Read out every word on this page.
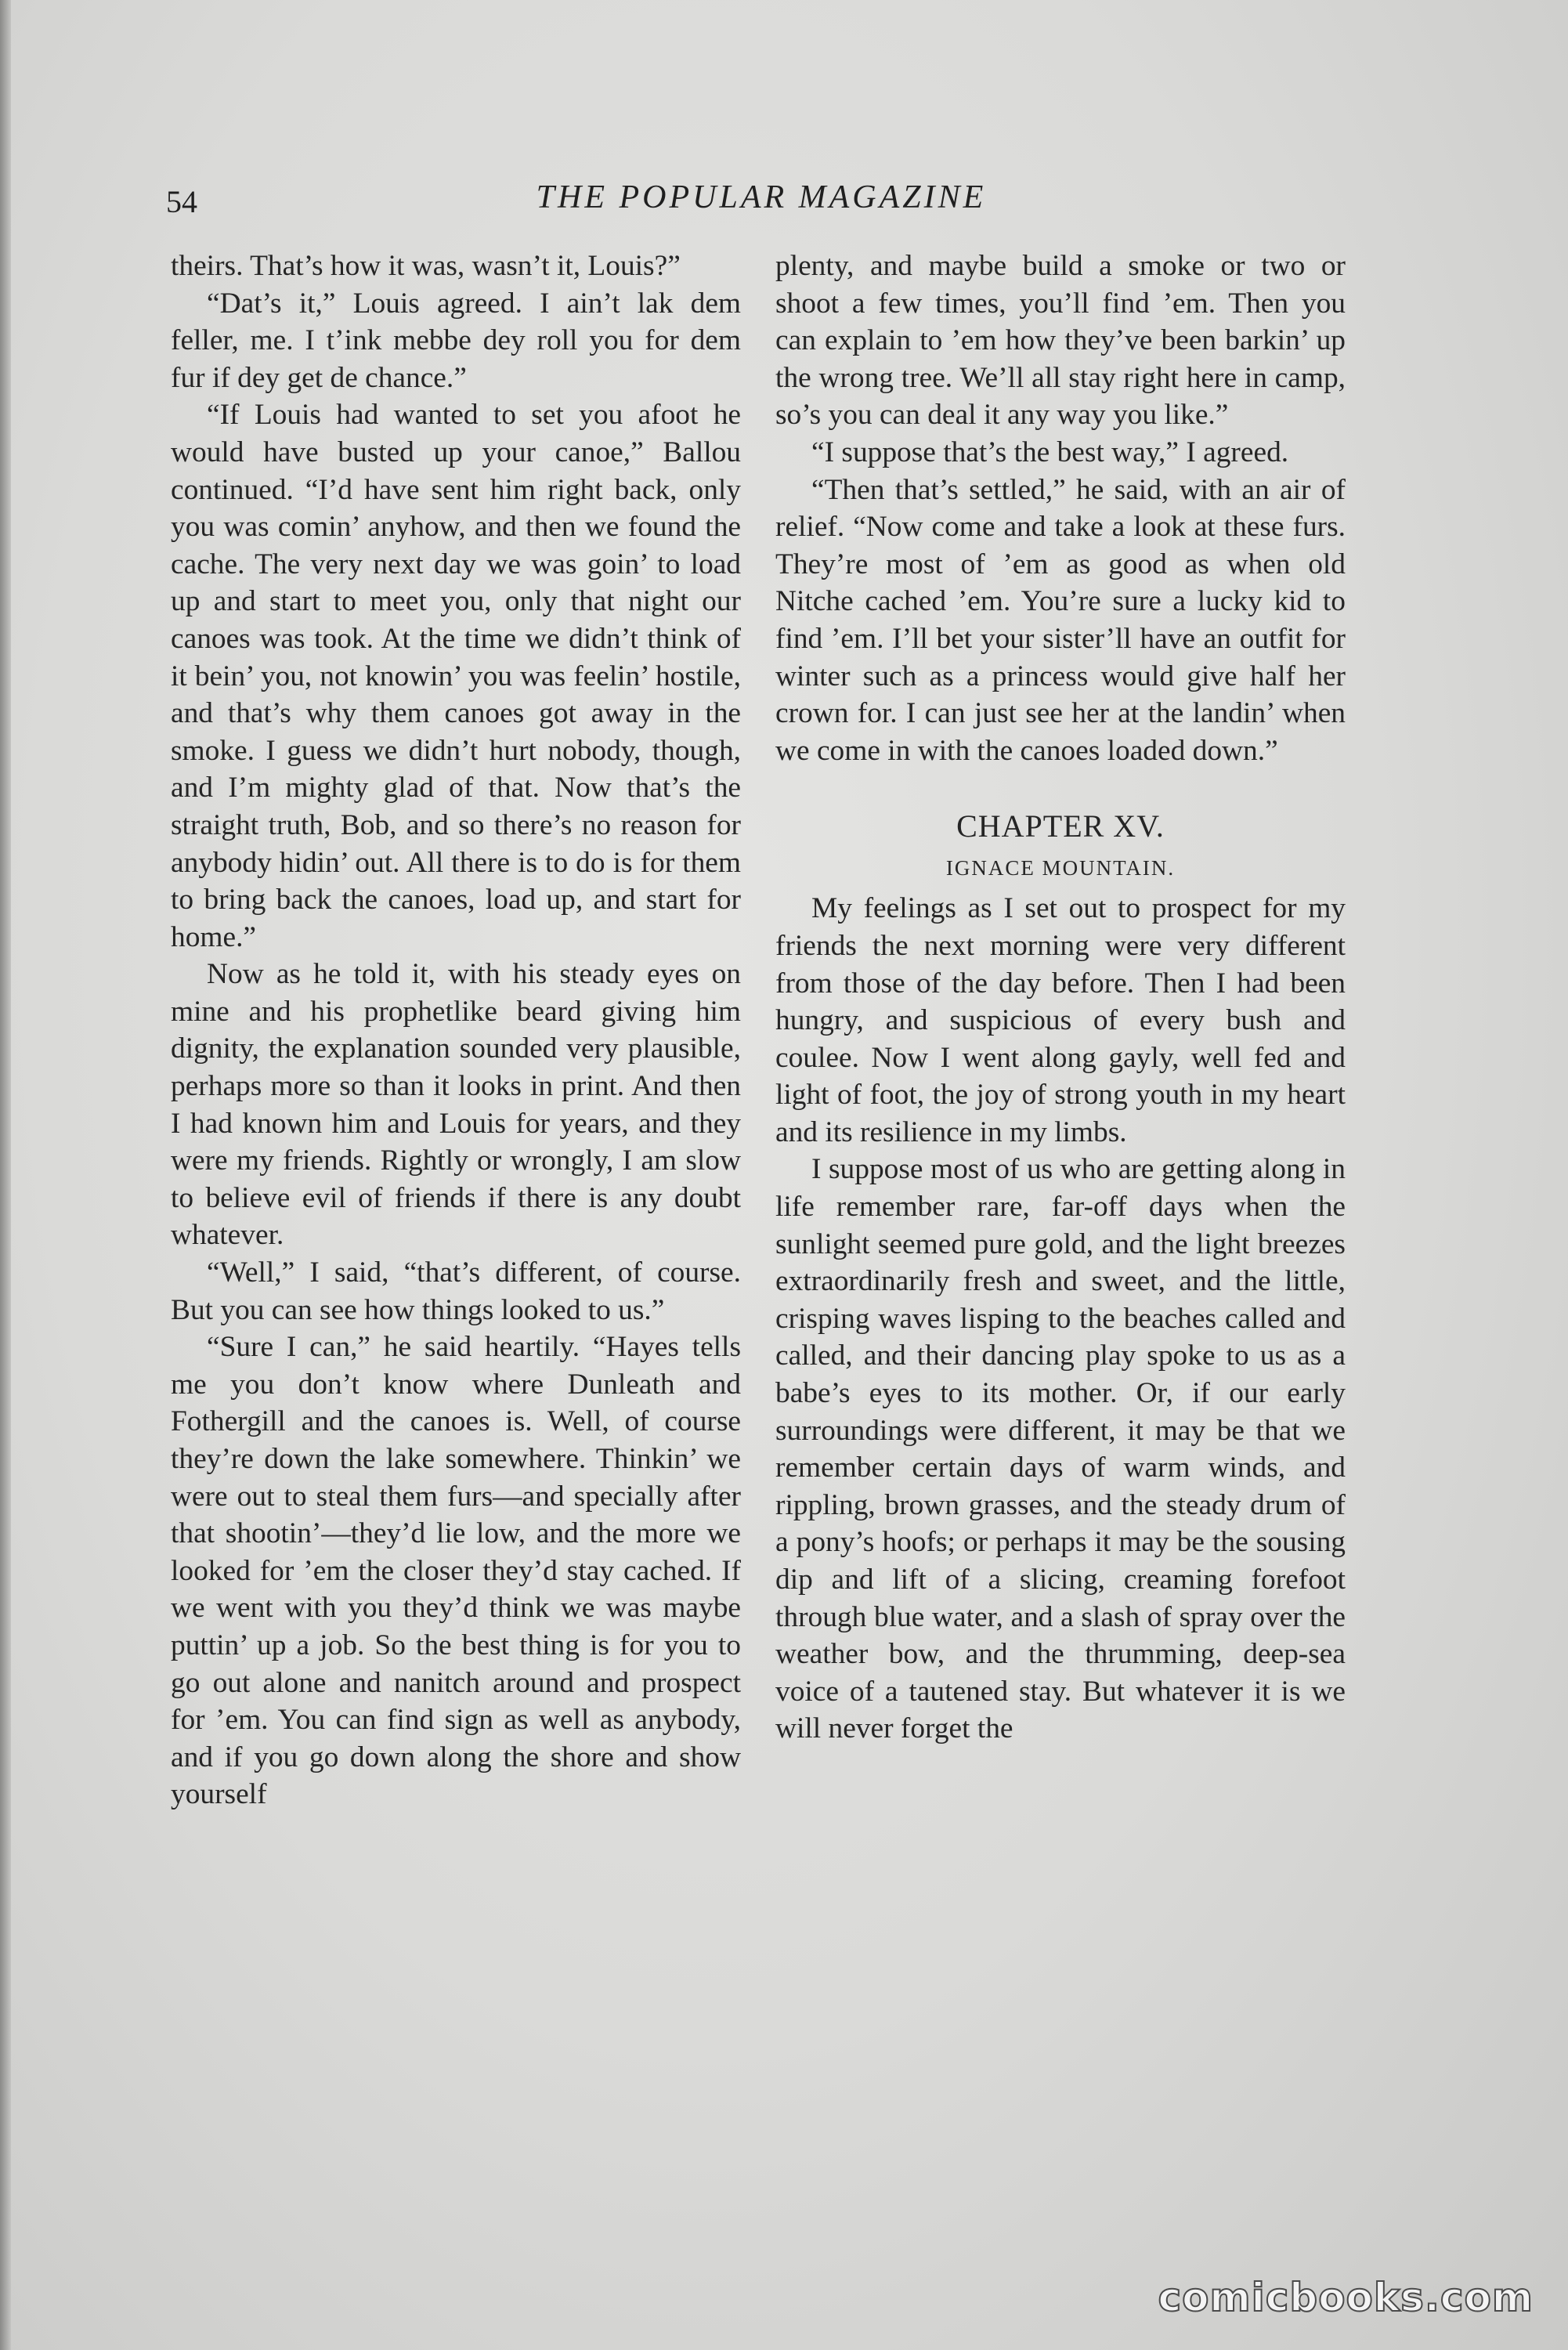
54	THE POPULAR MAGAZINE

theirs. That’s how it was, wasn’t it, Louis?”

“Dat’s it,” Louis agreed. I ain’t lak dem feller, me. I t’ink mebbe dey roll you for dem fur if dey get de chance.”

“If Louis had wanted to set you afoot he would have busted up your canoe,” Ballou continued. “I’d have sent him right back, only you was comin’ anyhow, and then we found the cache. The very next day we was goin’ to load up and start to meet you, only that night our canoes was took. At the time we didn’t think of it bein’ you, not knowin’ you was feelin’ hostile, and that’s why them canoes got away in the smoke. I guess we didn’t hurt nobody, though, and I’m mighty glad of that. Now that’s the straight truth, Bob, and so there’s no reason for anybody hidin’ out. All there is to do is for them to bring back the canoes, load up, and start for home.”

Now as he told it, with his steady eyes on mine and his prophetlike beard giving him dignity, the explanation sounded very plausible, perhaps more so than it looks in print. And then I had known him and Louis for years, and they were my friends. Rightly or wrongly, I am slow to believe evil of friends if there is any doubt whatever.

“Well,” I said, “that’s different, of course. But you can see how things looked to us.”

“Sure I can,” he said heartily. “Hayes tells me you don’t know where Dunleath and Fothergill and the canoes is. Well, of course they’re down the lake somewhere. Thinkin’ we were out to steal them furs—and specially after that shootin’—they’d lie low, and the more we looked for ’em the closer they’d stay cached. If we went with you they’d think we was maybe puttin’ up a job. So the best thing is for you to go out alone and nanitch around and prospect for ’em. You can find sign as well as anybody, and if you go down along the shore and show yourself

plenty, and maybe build a smoke or two or shoot a few times, you’ll find ’em. Then you can explain to ’em how they’ve been barkin’ up the wrong tree. We’ll all stay right here in camp, so’s you can deal it any way you like.”

“I suppose that’s the best way,” I agreed.

“Then that’s settled,” he said, with an air of relief. “Now come and take a look at these furs. They’re most of ’em as good as when old Nitche cached ’em. You’re sure a lucky kid to find ’em. I’ll bet your sister’ll have an outfit for winter such as a princess would give half her crown for. I can just see her at the landin’ when we come in with the canoes loaded down.”

CHAPTER XV.
IGNACE MOUNTAIN.

My feelings as I set out to prospect for my friends the next morning were very different from those of the day before. Then I had been hungry, and suspicious of every bush and coulee. Now I went along gayly, well fed and light of foot, the joy of strong youth in my heart and its resilience in my limbs.

I suppose most of us who are getting along in life remember rare, far-off days when the sunlight seemed pure gold, and the light breezes extraordinarily fresh and sweet, and the little, crisping waves lisping to the beaches called and called, and their dancing play spoke to us as a babe’s eyes to its mother. Or, if our early surroundings were different, it may be that we remember certain days of warm winds, and rippling, brown grasses, and the steady drum of a pony’s hoofs; or perhaps it may be the sousing dip and lift of a slicing, creaming forefoot through blue water, and a slash of spray over the weather bow, and the thrumming, deep-sea voice of a tautened stay. But whatever it is we will never forget the

comicbooks.com
